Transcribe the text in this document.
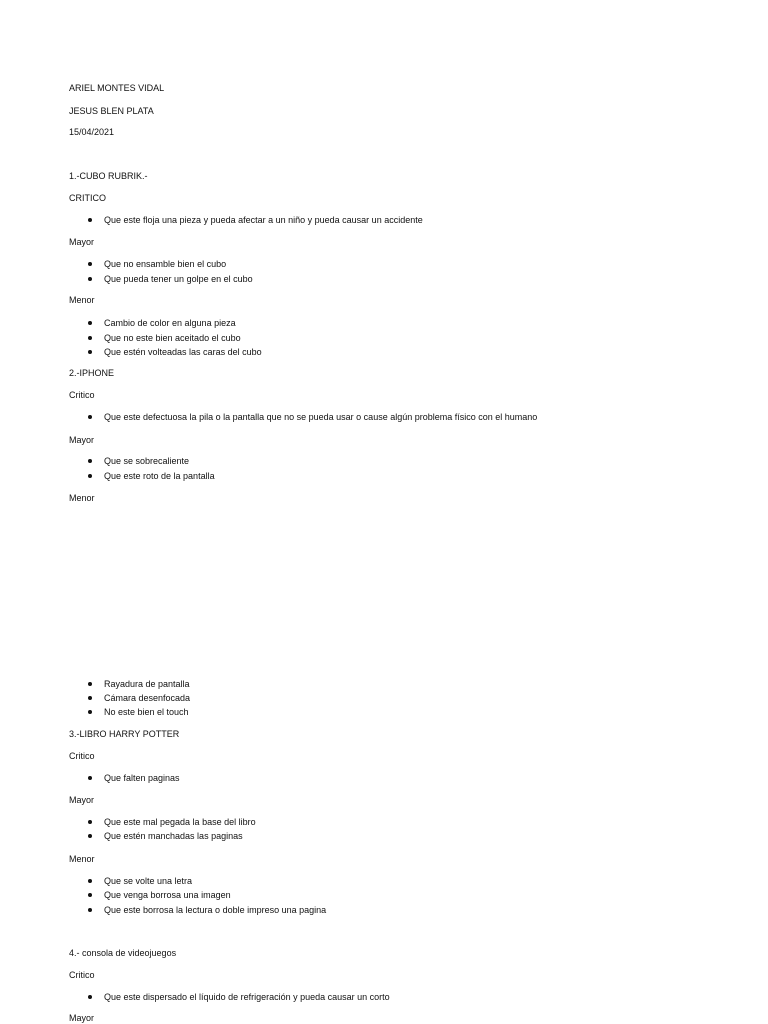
ARIEL MONTES VIDAL

JESUS BLEN PLATA

15/04/2021

1.-CUBO RUBRIK.-

CRITICO

Que este floja una pieza y pueda afectar a un niño y pueda causar un accidente

Mayor

Que no ensamble bien el cubo

Que pueda tener un golpe en el cubo

Menor

Cambio de color en alguna pieza

Que no este bien aceitado el cubo

Que estén volteadas las caras del cubo

2.-IPHONE

Critico

Que este defectuosa la pila o la pantalla que no se pueda usar o cause algún problema físico con el humano

Mayor

Que se sobrecaliente

Que este roto de la pantalla

Menor

Rayadura de pantalla

Cámara desenfocada

No este bien el touch

3.-LIBRO HARRY POTTER

Critico

Que falten paginas

Mayor

Que este mal pegada la base del libro

Que estén manchadas las paginas

Menor

Que se volte una letra

Que venga borrosa una imagen

Que este borrosa la lectura o doble impreso una pagina

4.- consola de videojuegos

Critico

Que este dispersado el líquido de refrigeración y pueda causar un corto

Mayor
